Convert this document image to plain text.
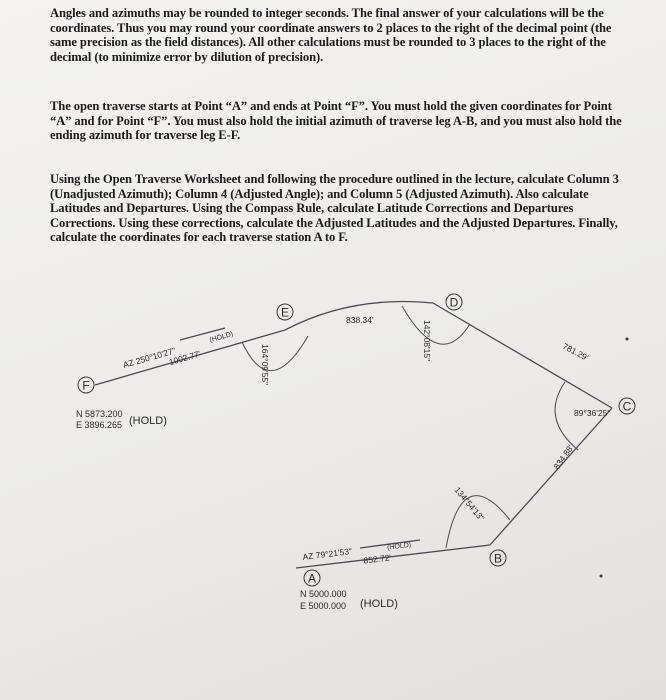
Angles and azimuths may be rounded to integer seconds. The final answer of your calculations will be the coordinates. Thus you may round your coordinate answers to 2 places to the right of the decimal point (the same precision as the field distances). All other calculations must be rounded to 3 places to the right of the decimal (to minimize error by dilution of precision).
The open traverse starts at Point “A” and ends at Point “F”. You must hold the given coordinates for Point “A” and for Point “F”. You must also hold the initial azimuth of traverse leg A-B, and you must also hold the ending azimuth for traverse leg E-F.
Using the Open Traverse Worksheet and following the procedure outlined in the lecture, calculate Column 3 (Unadjusted Azimuth); Column 4 (Adjusted Angle); and Column 5 (Adjusted Azimuth). Also calculate Latitudes and Departures. Using the Compass Rule, calculate Latitude Corrections and Departures Corrections. Using these corrections, calculate the Adjusted Latitudes and the Adjusted Departures. Finally, calculate the coordinates for each traverse station A to F.
F
E
D
C
B
A
N 5873.200
E 3896.265 (HOLD)
N 5000.000
E 5000.000 (HOLD)
AZ 250°10'27"
(HOLD)
1002.77'
AZ 79°21'53"	(HOLD)
852.72'
838.34'
781.29'
834.88'
164°09'55"
142°08'15"
89°36'25"
134°54'13"
